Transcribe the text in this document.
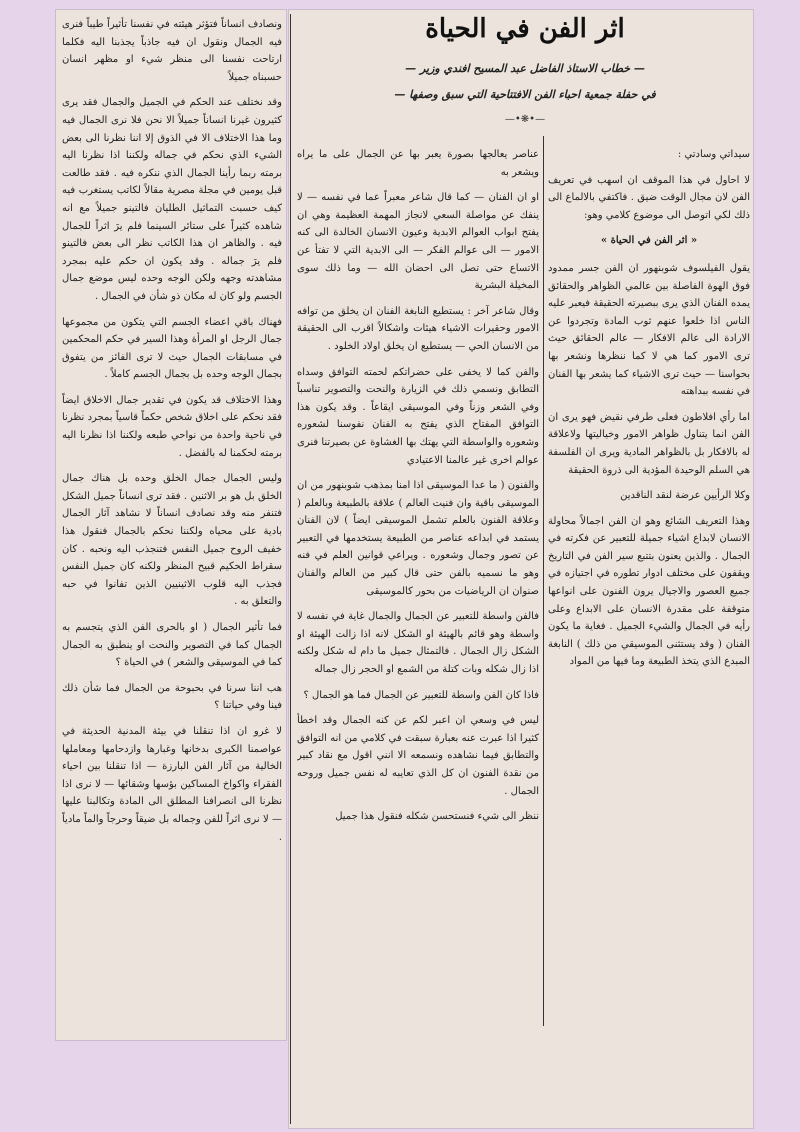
اثر الفن في الحياة
— خطاب الاستاذ الفاضل عبد المسيح افندي وزير —
في حفلة جمعية احباء الفن الافتتاحية التي سبق وصفها —
—•❋•—

سيداتي وسادتي :

لا احاول في هذا الموقف ان اسهب في تعريف الفن لان مجال الوقت ضيق . فاكتفي بالالماع الى ذلك لكي اتوصل الى موضوع كلامي وهو:

« اثر الفن في الحياة »

يقول الفيلسوف شوبنهور ان الفن جسر ممدود فوق الهوة الفاصلة بين عالمي الظواهر والحقائق يمده الفنان الذي يرى ببصيرته الحقيقة فيعبر عليه الناس اذا خلعوا عنهم ثوب المادة وتجردوا عن الارادة الى عالم الافكار — عالم الحقائق حيث ترى الامور كما هي لا كما ننظرها ونشعر بها بحواسنا — حيث ترى الاشياء كما يشعر بها الفنان في نفسه ببداهته

اما رأي افلاطون فعلى طرفي نقيض فهو يرى ان الفن انما يتناول ظواهر الامور وخياليتها ولاعلاقة له بالافكار بل بالظواهر المادية ويرى ان الفلسفة هي السلم الوحيدة المؤدية الى ذروة الحقيقة

وكلا الرأيين عرضة لنقد الناقدين

وهذا التعريف الشائع وهو ان الفن اجمالاً محاولة الانسان لابداع اشياء جميلة للتعبير عن فكرته في الجمال . والذين يعنون بتتبع سير الفن في التاريخ ويقفون على مختلف ادوار تطوره في اجتيازه في جميع العصور والاجيال يرون الفنون على انواعها متوقفة على مقدرة الانسان على الابداع وعلى رأيه في الجمال والشيء الجميل . فغاية ما يكون الفنان ( وقد يستثنى الموسيقي من ذلك ) النابغة المبدع الذي يتخذ الطبيعة وما فيها من المواد

عناصر يعالجها بصورة يعبر بها عن الجمال على ما يراه ويشعر به

او ان الفنان — كما قال شاعر معبراً عما في نفسه — لا ينفك عن مواصلة السعي لانجاز المهمة العظيمة وهي ان يفتح ابواب العوالم الابدية وعيون الانسان الخالدة الى كنه الامور — الى عوالم الفكر — الى الابدية التي لا تفتأ عن الاتساع حتى تصل الى احضان الله — وما ذلك سوى المخيلة البشرية

وقال شاعر آخر : يستطيع النابغة الفنان ان يخلق من توافه الامور وحقيرات الاشياء هيئات واشكالاً اقرب الى الحقيقة من الانسان الحي — يستطيع ان يخلق اولاد الخلود .

والفن كما لا يخفى على حضراتكم لحمته التوافق وسداه التطابق ونسمي ذلك في الزيارة والنحت والتصوير تناسباً وفي الشعر وزناً وفي الموسيقى ايقاعاً . وقد يكون هذا التوافق المفتاح الذي يفتح به الفنان نفوسنا لشعوره وشعوره والواسطة التي يهتك بها الغشاوة عن بصيرتنا فنرى عوالم اخرى غير عالمنا الاعتيادي

والفنون ( ما عدا الموسيقى اذا امنا بمذهب شوبنهور من ان الموسيقى باقية وان فنيت العالم ) علاقة بالطبيعة وبالعلم ( وعلاقة الفنون بالعلم تشمل الموسيقى ايضاً ) لان الفنان يستمد في ابداعه عناصر من الطبيعة يستخدمها في التعبير عن تصور وجمال وشعوره . ويراعي قوانين العلم في فنه وهو ما نسميه بالفن حتى قال كبير من العالم والفنان صنوان ان الرياضيات من بحور كالموسيقى

فالفن واسطة للتعبير عن الجمال والجمال غاية في نفسه لا واسطة وهو قائم بالهيئة او الشكل لانه اذا زالت الهيئة او الشكل زال الجمال . فالتمثال جميل ما دام له شكل ولكنه اذا زال شكله وبات كتلة من الشمع او الحجر زال جماله

فاذا كان الفن واسطة للتعبير عن الجمال فما هو الجمال ؟

ليس في وسعي ان اعبر لكم عن كنه الجمال وقد اخطأ كثيرا اذا عبرت عنه بعبارة سبقت في كلامي من انه التوافق والتطابق فيما نشاهده ونسمعه الا انني اقول مع نقاد كبير من نقدة الفنون ان كل الذي تعايبه له نفس جميل وروحه الجمال .

ننظر الى شيء فنستحسن شكله فنقول هذا جميل

ونصادف انساناً فتؤثر هيئته في نفسنا تأثيراً طيباً فنرى فيه الجمال ونقول ان فيه جاذباً يجذبنا اليه فكلما ارتاحت نفسنا الى منظر شيء او مظهر انسان حسبناه جميلاً

وقد نختلف عند الحكم في الجميل والجمال فقد يرى كثيرون غيرنا انساناً جميلاً الا نحن فلا نرى الجمال فيه وما هذا الاختلاف الا في الذوق إلا اننا نظرنا الى بعض الشيء الذي نحكم في جماله ولكننا اذا نظرنا اليه برمته ربما رأينا الجمال الذي ننكره فيه . فقد طالعت قبل يومين في مجلة مصرية مقالاً لكاتب يستغرب فيه كيف حسبت التماثيل الطليان فالتينو جميلاً مع انه شاهده كثيراً على ستائر السينما فلم يرَ اثراً للجمال فيه . والظاهر ان هذا الكاتب نظر الى بعض فالتينو فلم يرَ جماله . وقد يكون ان حكم عليه بمجرد مشاهدته وجهه ولكن الوجه وحده ليس موضع جمال الجسم ولو كان له مكان ذو شأن في الجمال .

فهناك باقي اعضاء الجسم التي يتكون من مجموعها جمال الرجل او المرأة وهذا السير في حكم المحكمين في مسابقات الجمال حيث لا ترى الفائز من يتفوق بجمال الوجه وحده بل بجمال الجسم كاملاً .

وهذا الاختلاف قد يكون في تقدير جمال الاخلاق ايضاً فقد نحكم على اخلاق شخص حكماً قاسياً بمجرد نظرنا في ناحية واحدة من نواحي طبعه ولكننا اذا نظرنا اليه برمته لحكمنا له بالفضل .

وليس الجمال جمال الخلق وحده بل هناك جمال الخلق بل هو بر الاثنين . فقد ترى انساناً جميل الشكل فتنفر منه وقد نصادف انساناً لا نشاهد آثار الجمال بادية على محياه ولكننا نحكم بالجمال فنقول هذا خفيف الروح جميل النفس فتنجذب اليه ونحبه . كان سقراط الحكيم قبيح المنظر ولكنه كان جميل النفس فجذب اليه قلوب الاثينيين الذين تفانوا في حبه والتعلق به .

فما تأثير الجمال ( او بالحرى الفن الذي يتجسم به الجمال كما في التصوير والنحت او ينطبق به الجمال كما في الموسيقى والشعر ) في الحياة ؟

هب اننا سرنا في بحبوحة من الجمال فما شأن ذلك فينا وفي حياتنا ؟

لا غرو ان اذا تنقلنا في بيئة المدنية الحديثة في عواصمنا الكبرى بدخانها وغبارها وازدحامها ومعاملها الخالية من آثار الفن البارزة — اذا تنقلنا بين احياء الفقراء واكواخ المساكين بؤسها وشقائها — لا نرى اذا نظرنا الى انصرافنا المطلق الى المادة وتكالبنا عليها — لا نرى اثراً للفن وجماله بل ضيقاً وحرجاً والماً مادياً .
